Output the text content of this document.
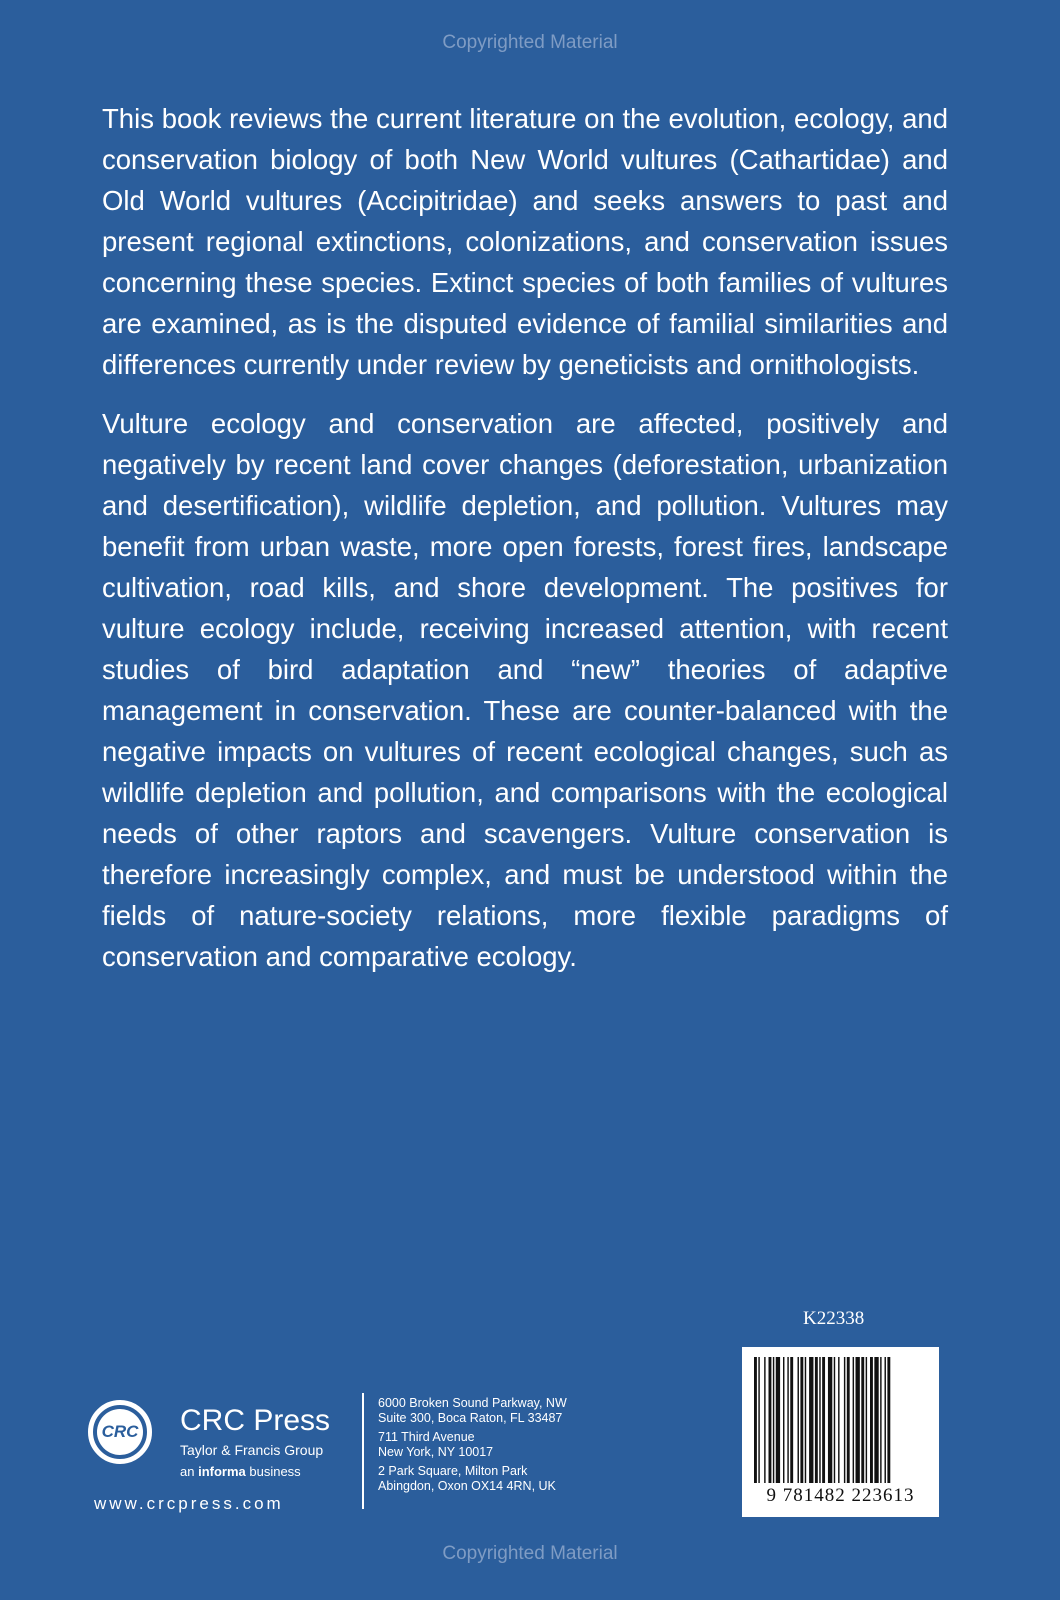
Copyrighted Material

This book reviews the current literature on the evolution, ecology, and conservation biology of both New World vultures (Cathartidae) and Old World vultures (Accipitridae) and seeks answers to past and present regional extinctions, colonizations, and conservation issues concerning these species. Extinct species of both families of vultures are examined, as is the disputed evidence of familial similarities and differences currently under review by geneticists and ornithologists.

Vulture ecology and conservation are affected, positively and negatively by recent land cover changes (deforestation, urbanization and desertification), wildlife depletion, and pollution. Vultures may benefit from urban waste, more open forests, forest fires, landscape cultivation, road kills, and shore development. The positives for vulture ecology include, receiving increased attention, with recent studies of bird adaptation and “new” theories of adaptive management in conservation. These are counter-balanced with the negative impacts on vultures of recent ecological changes, such as wildlife depletion and pollution, and comparisons with the ecological needs of other raptors and scavengers. Vulture conservation is therefore increasingly complex, and must be understood within the fields of nature-society relations, more flexible paradigms of conservation and comparative ecology.

K22338
9 781482 223613
CRC CRC Press
Taylor & Francis Group
an informa business
www.crcpress.com
6000 Broken Sound Parkway, NW
Suite 300, Boca Raton, FL 33487
711 Third Avenue
New York, NY 10017
2 Park Square, Milton Park
Abingdon, Oxon OX14 4RN, UK
Copyrighted Material
